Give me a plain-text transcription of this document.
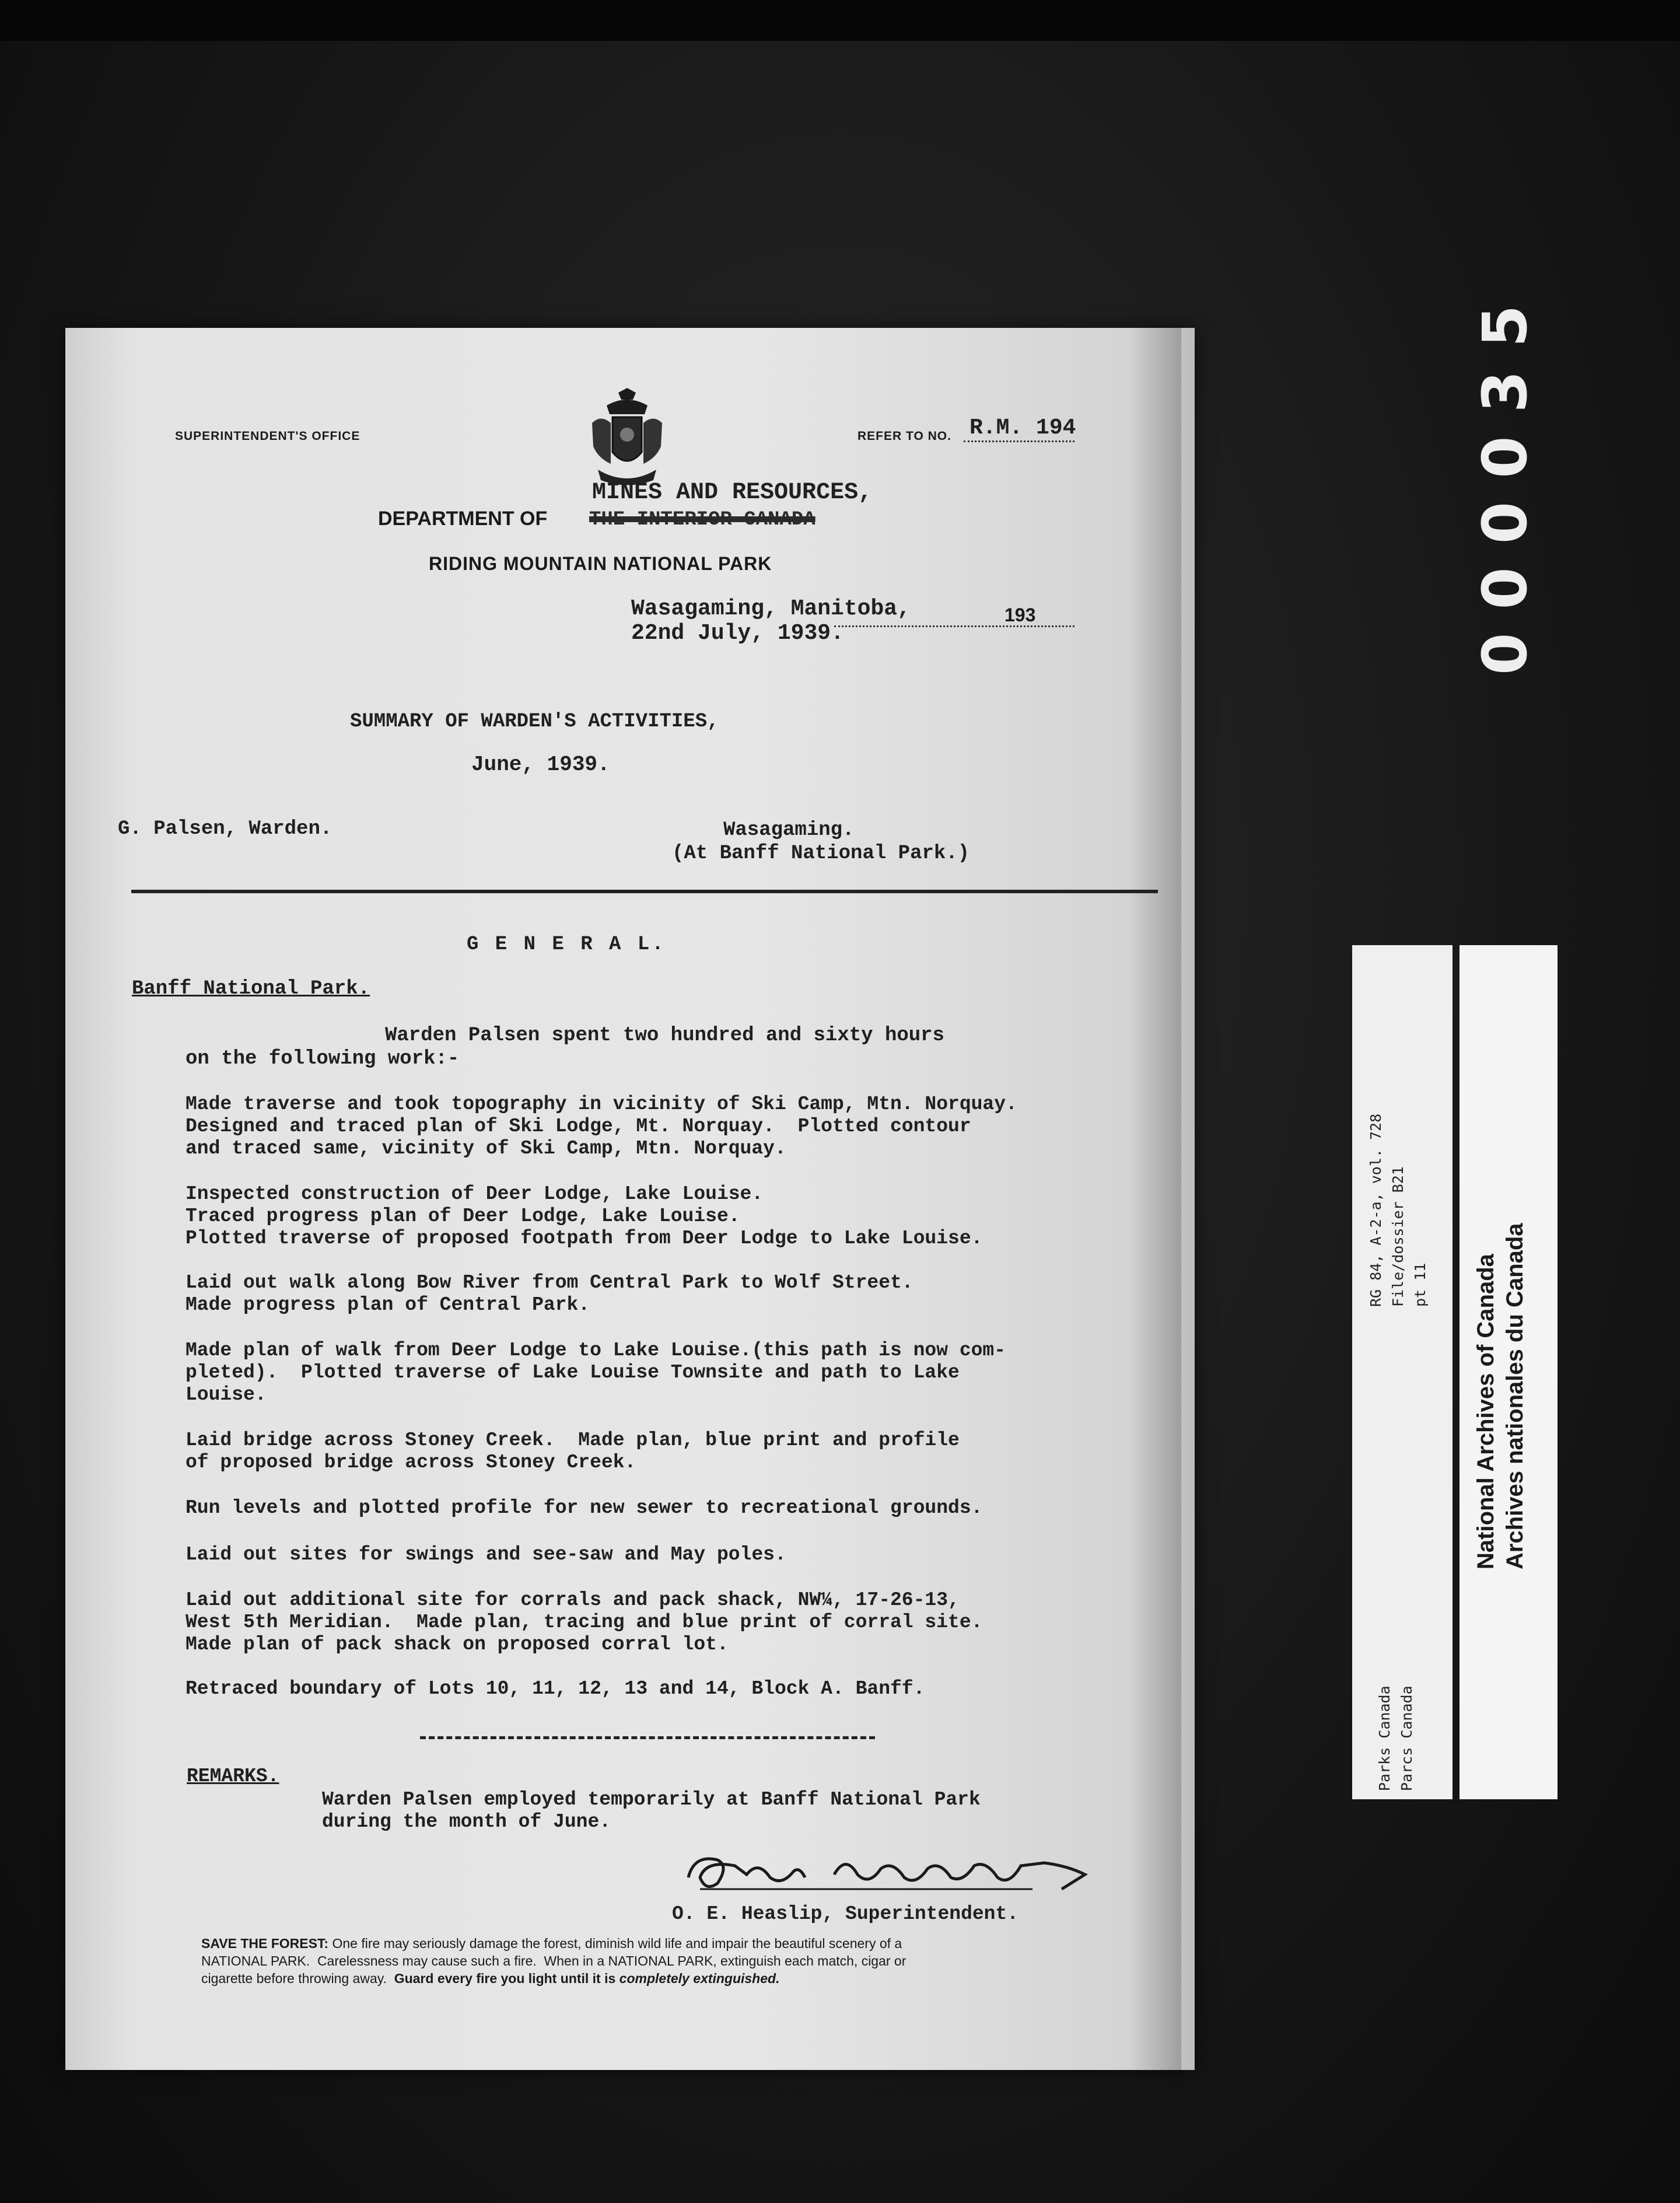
000035
SUPERINTENDENT'S OFFICE	REFER TO NO. R.M. 194
MINES AND RESOURCES,
DEPARTMENT OF THE INTERIOR CANADA
RIDING MOUNTAIN NATIONAL PARK
Wasagaming, Manitoba,	193
22nd July, 1939.
SUMMARY OF WARDEN'S ACTIVITIES,
June, 1939.
G. Palsen, Warden.	Wasagaming.
(At Banff National Park.)
G E N E R A L.
Banff National Park.
Warden Palsen spent two hundred and sixty hours
on the following work:-
Made traverse and took topography in vicinity of Ski Camp, Mtn. Norquay.
Designed and traced plan of Ski Lodge, Mt. Norquay.  Plotted contour
and traced same, vicinity of Ski Camp, Mtn. Norquay.
Inspected construction of Deer Lodge, Lake Louise.
Traced progress plan of Deer Lodge, Lake Louise.
Plotted traverse of proposed footpath from Deer Lodge to Lake Louise.
Laid out walk along Bow River from Central Park to Wolf Street.
Made progress plan of Central Park.
Made plan of walk from Deer Lodge to Lake Louise.(this path is now com-
pleted).  Plotted traverse of Lake Louise Townsite and path to Lake
Louise.
Laid bridge across Stoney Creek.  Made plan, blue print and profile
of proposed bridge across Stoney Creek.
Run levels and plotted profile for new sewer to recreational grounds.
Laid out sites for swings and see-saw and May poles.
Laid out additional site for corrals and pack shack, NW¼, 17-26-13,
West 5th Meridian.  Made plan, tracing and blue print of corral site.
Made plan of pack shack on proposed corral lot.
Retraced boundary of Lots 10, 11, 12, 13 and 14, Block A. Banff.
REMARKS.
Warden Palsen employed temporarily at Banff National Park
during the month of June.
O. E. Heaslip, Superintendent.
SAVE THE FOREST: One fire may seriously damage the forest, diminish wild life and impair the beautiful scenery of a
NATIONAL PARK.  Carelessness may cause such a fire.  When in a NATIONAL PARK, extinguish each match, cigar or
cigarette before throwing away.  Guard every fire you light until it is completely extinguished.
RG 84, A-2-a, vol. 728 File/dossier B21 pt 11
Parks Canada Parcs Canada
National Archives of Canada Archives nationales du Canada
